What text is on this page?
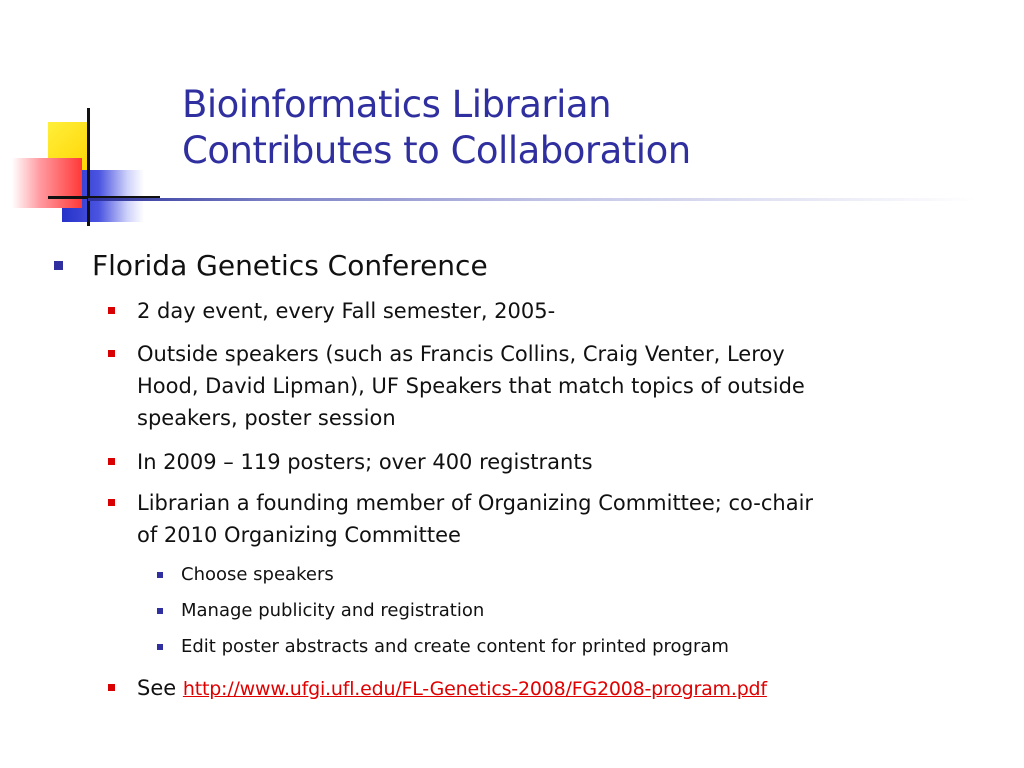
Bioinformatics Librarian
Contributes to Collaboration
Florida Genetics Conference
2 day event, every Fall semester, 2005-
Outside speakers (such as Francis Collins, Craig Venter, Leroy
Hood, David Lipman), UF Speakers that match topics of outside
speakers, poster session
In 2009 – 119 posters; over 400 registrants
Librarian a founding member of Organizing Committee; co-chair
of 2010 Organizing Committee
Choose speakers
Manage publicity and registration
Edit poster abstracts and create content for printed program
See http://www.ufgi.ufl.edu/FL-Genetics-2008/FG2008-program.pdf
